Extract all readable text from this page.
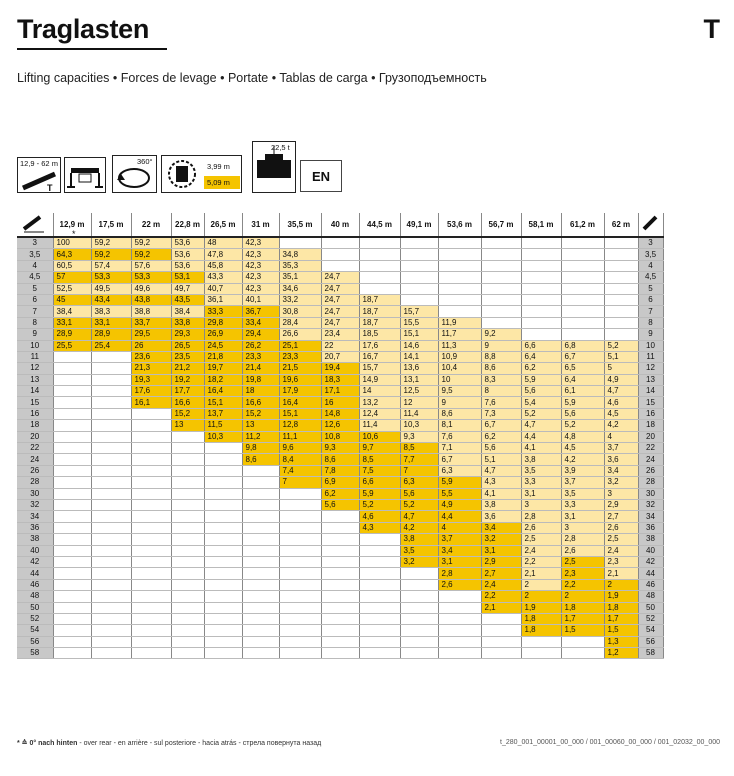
Traglasten	T
Lifting capacities • Forces de levage • Portate • Tablas de carga • Грузоподъемность
12,9 - 62 m
T
360°
3,99 m
5,09 m
22,5 t
EN
	12,9 m	17,5 m	22 m	22,8 m	26,5 m	31 m	35,5 m	40 m	44,5 m	49,1 m	53,6 m	56,7 m	58,1 m	61,2 m	62 m	
3	100	59,2	59,2	53,6	48	42,3										3
3,5	64,3	59,2	59,2	53,6	47,8	42,3	34,8									3,5
4	60,5	57,4	57,6	53,6	45,8	42,3	35,3									4
4,5	57	53,3	53,3	53,1	43,3	42,3	35,1	24,7								4,5
5	52,5	49,5	49,6	49,7	40,7	42,3	34,6	24,7								5
6	45	43,4	43,8	43,5	36,1	40,1	33,2	24,7	18,7							6
7	38,4	38,3	38,8	38,4	33,3	36,7	30,8	24,7	18,7	15,7						7
8	33,1	33,1	33,7	33,8	29,8	33,4	28,4	24,7	18,7	15,5	11,9					8
9	28,9	28,9	29,5	29,3	26,9	29,4	26,6	23,4	18,5	15,1	11,7	9,2				9
10	25,5	25,4	26	26,5	24,5	26,2	25,1	22	17,6	14,6	11,3	9	6,6	6,8	5,2	10
11			23,6	23,5	21,8	23,3	23,3	20,7	16,7	14,1	10,9	8,8	6,4	6,7	5,1	11
12			21,3	21,2	19,7	21,4	21,5	19,4	15,7	13,6	10,4	8,6	6,2	6,5	5	12
13			19,3	19,2	18,2	19,8	19,6	18,3	14,9	13,1	10	8,3	5,9	6,4	4,9	13
14			17,6	17,7	16,4	18	17,9	17,1	14	12,5	9,5	8	5,6	6,1	4,7	14
15			16,1	16,6	15,1	16,6	16,4	16	13,2	12	9	7,6	5,4	5,9	4,6	15
16				15,2	13,7	15,2	15,1	14,8	12,4	11,4	8,6	7,3	5,2	5,6	4,5	16
18				13	11,5	13	12,8	12,6	11,4	10,3	8,1	6,7	4,7	5,2	4,2	18
20					10,3	11,2	11,1	10,8	10,6	9,3	7,6	6,2	4,4	4,8	4	20
22						9,8	9,6	9,3	9,7	8,5	7,1	5,6	4,1	4,5	3,7	22
24						8,6	8,4	8,6	8,5	7,7	6,7	5,1	3,8	4,2	3,6	24
26							7,4	7,8	7,5	7	6,3	4,7	3,5	3,9	3,4	26
28							7	6,9	6,6	6,3	5,9	4,3	3,3	3,7	3,2	28
30								6,2	5,9	5,6	5,5	4,1	3,1	3,5	3	30
32								5,6	5,2	5,2	4,9	3,8	3	3,3	2,9	32
34									4,6	4,7	4,4	3,6	2,8	3,1	2,7	34
36									4,3	4,2	4	3,4	2,6	3	2,6	36
38										3,8	3,7	3,2	2,5	2,8	2,5	38
40										3,5	3,4	3,1	2,4	2,6	2,4	40
42										3,2	3,1	2,9	2,2	2,5	2,3	42
44											2,8	2,7	2,1	2,3	2,1	44
46											2,6	2,4	2	2,2	2	46
48												2,2	2	2	1,9	48
50												2,1	1,9	1,8	1,8	50
52													1,8	1,7	1,7	52
54													1,8	1,5	1,5	54
56															1,3	56
58															1,2	58
*
* ≙ 0° nach hinten - over rear - en arrière - sul posteriore - hacia atrás - стрела повернута назад	t_280_001_00001_00_000 / 001_00060_00_000 / 001_02032_00_000
